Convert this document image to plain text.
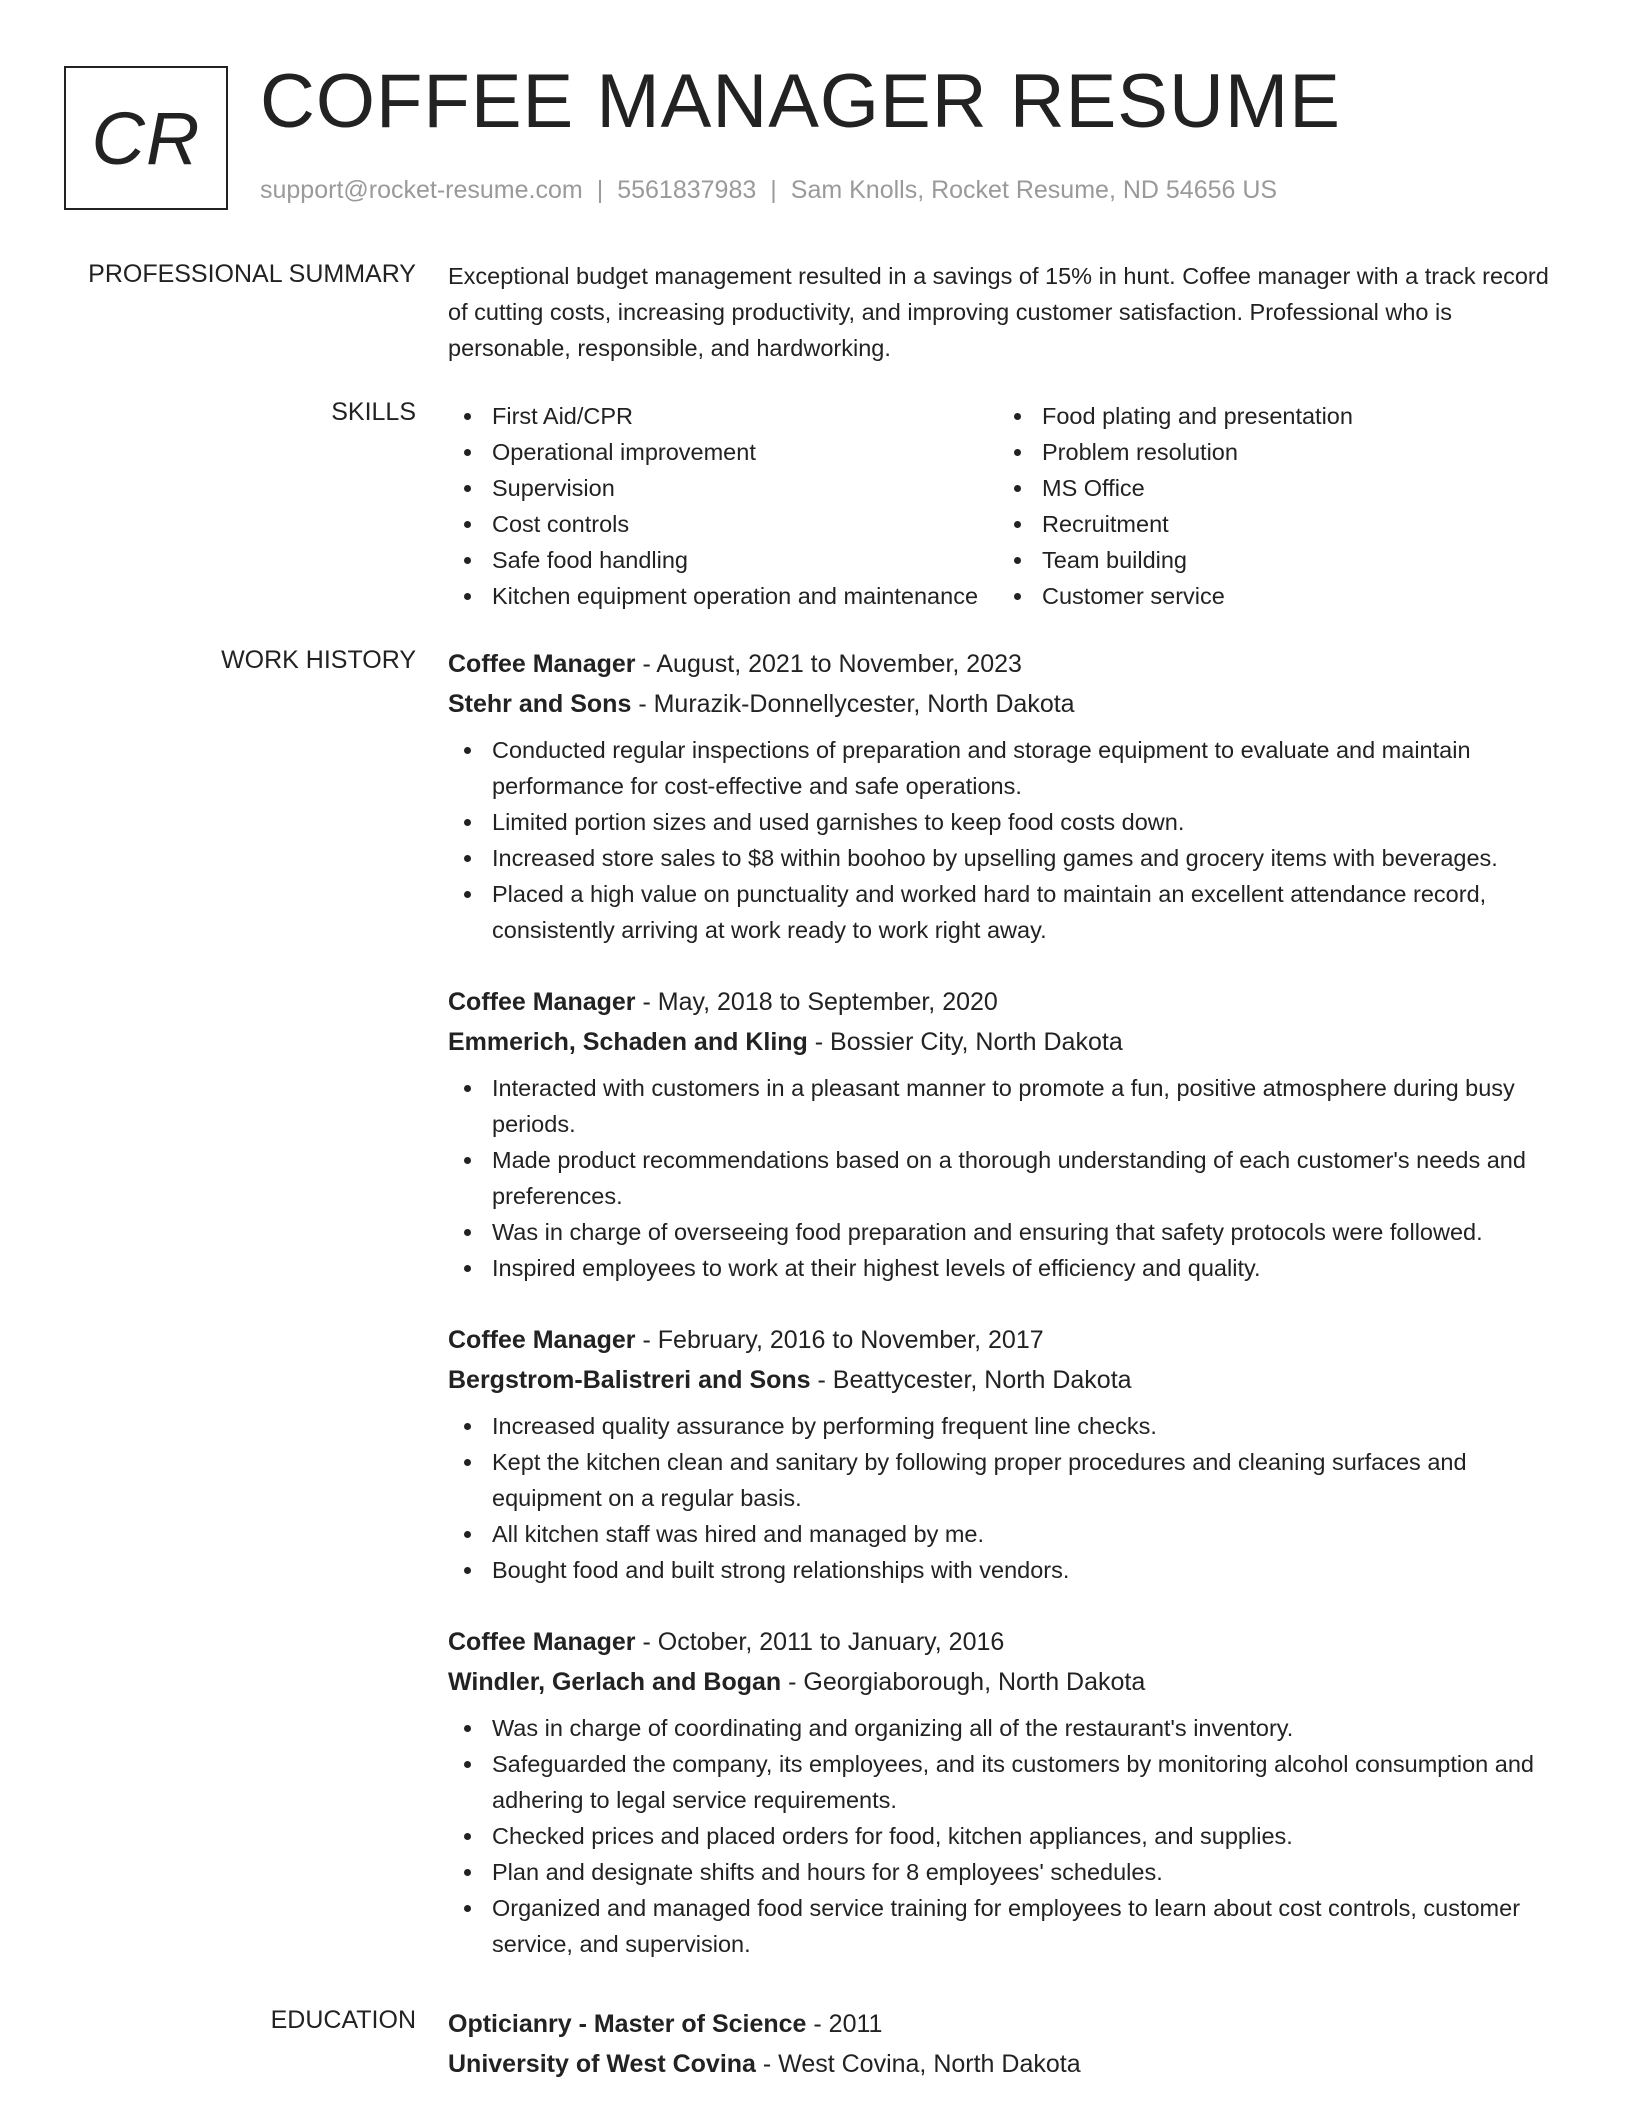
CR COFFEE MANAGER RESUME
support@rocket-resume.com | 5561837983 | Sam Knolls, Rocket Resume, ND 54656 US
PROFESSIONAL SUMMARY Exceptional budget management resulted in a savings of 15% in hunt. Coffee manager with a track record of cutting costs, increasing productivity, and improving customer satisfaction. Professional who is personable, responsible, and hardworking.
SKILLS	First Aid/CPR
Operational improvement
Supervision
Cost controls
Safe food handling
Kitchen equipment operation and maintenance
Food plating and presentation
Problem resolution
MS Office
Recruitment
Team building
Customer service
WORK HISTORY Coffee Manager - August, 2021 to November, 2023
Stehr and Sons - Murazik-Donnellycester, North Dakota
Conducted regular inspections of preparation and storage equipment to evaluate and maintain performance for cost-effective and safe operations.
Limited portion sizes and used garnishes to keep food costs down.
Increased store sales to $8 within boohoo by upselling games and grocery items with beverages.
Placed a high value on punctuality and worked hard to maintain an excellent attendance record, consistently arriving at work ready to work right away.
Coffee Manager - May, 2018 to September, 2020
Emmerich, Schaden and Kling - Bossier City, North Dakota
Interacted with customers in a pleasant manner to promote a fun, positive atmosphere during busy periods.
Made product recommendations based on a thorough understanding of each customer's needs and preferences.
Was in charge of overseeing food preparation and ensuring that safety protocols were followed.
Inspired employees to work at their highest levels of efficiency and quality.
Coffee Manager - February, 2016 to November, 2017
Bergstrom-Balistreri and Sons - Beattycester, North Dakota
Increased quality assurance by performing frequent line checks.
Kept the kitchen clean and sanitary by following proper procedures and cleaning surfaces and equipment on a regular basis.
All kitchen staff was hired and managed by me.
Bought food and built strong relationships with vendors.
Coffee Manager - October, 2011 to January, 2016
Windler, Gerlach and Bogan - Georgiaborough, North Dakota
Was in charge of coordinating and organizing all of the restaurant's inventory.
Safeguarded the company, its employees, and its customers by monitoring alcohol consumption and adhering to legal service requirements.
Checked prices and placed orders for food, kitchen appliances, and supplies.
Plan and designate shifts and hours for 8 employees' schedules.
Organized and managed food service training for employees to learn about cost controls, customer service, and supervision.
EDUCATION Opticianry - Master of Science - 2011
University of West Covina - West Covina, North Dakota
